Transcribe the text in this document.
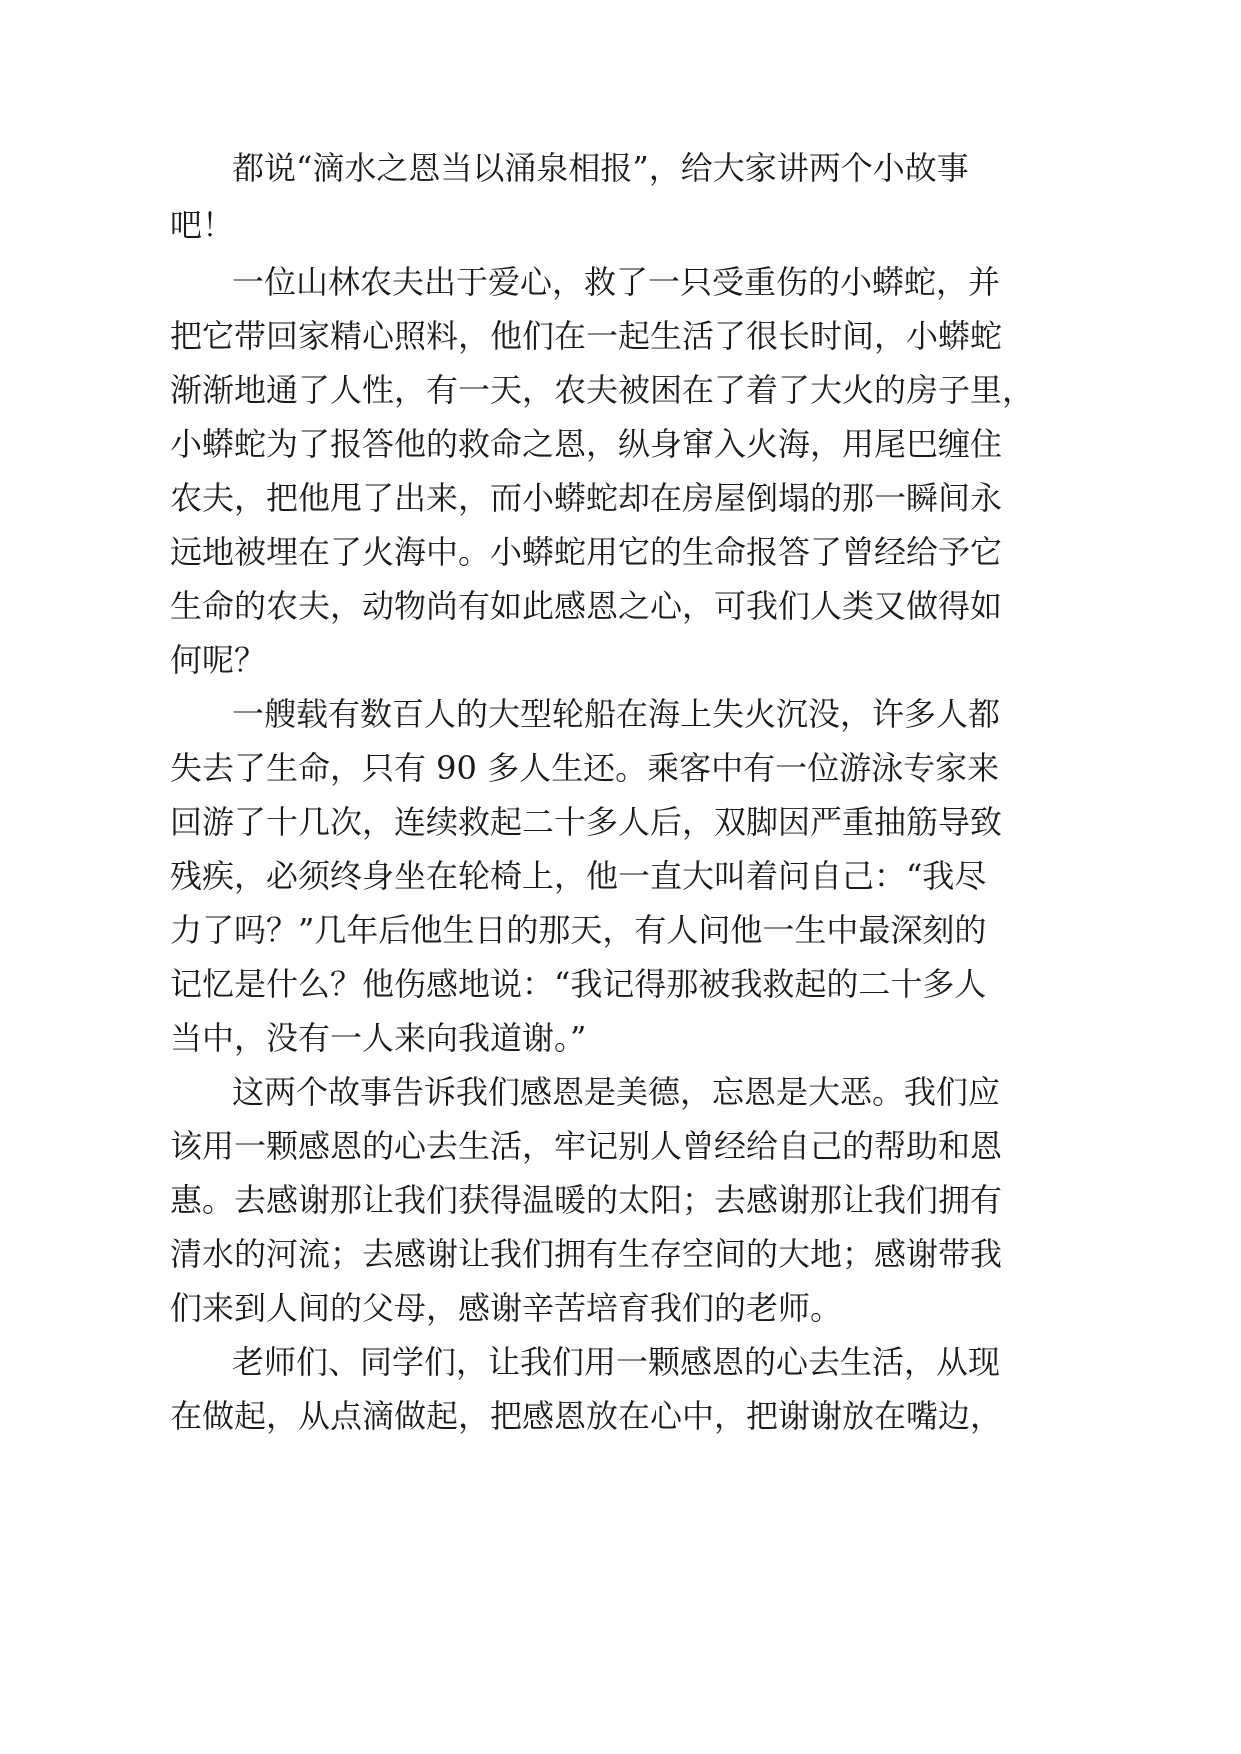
都说“滴水之恩当以涌泉相报”，给大家讲两个小故事

吧！

一位山林农夫出于爱心，救了一只受重伤的小蟒蛇，并

把它带回家精心照料，他们在一起生活了很长时间，小蟒蛇

渐渐地通了人性，有一天，农夫被困在了着了大火的房子里，

小蟒蛇为了报答他的救命之恩，纵身窜入火海，用尾巴缠住

农夫，把他甩了出来，而小蟒蛇却在房屋倒塌的那一瞬间永

远地被埋在了火海中。小蟒蛇用它的生命报答了曾经给予它

生命的农夫，动物尚有如此感恩之心，可我们人类又做得如

何呢？

一艘载有数百人的大型轮船在海上失火沉没，许多人都

失去了生命，只有 90 多人生还。乘客中有一位游泳专家来

回游了十几次，连续救起二十多人后，双脚因严重抽筋导致

残疾，必须终身坐在轮椅上，他一直大叫着问自己：“我尽

力了吗？”几年后他生日的那天，有人问他一生中最深刻的

记忆是什么？他伤感地说：“我记得那被我救起的二十多人

当中，没有一人来向我道谢。”

这两个故事告诉我们感恩是美德，忘恩是大恶。我们应

该用一颗感恩的心去生活，牢记别人曾经给自己的帮助和恩

惠。去感谢那让我们获得温暖的太阳；去感谢那让我们拥有

清水的河流；去感谢让我们拥有生存空间的大地；感谢带我

们来到人间的父母，感谢辛苦培育我们的老师。

老师们、同学们，让我们用一颗感恩的心去生活，从现

在做起，从点滴做起，把感恩放在心中，把谢谢放在嘴边，
